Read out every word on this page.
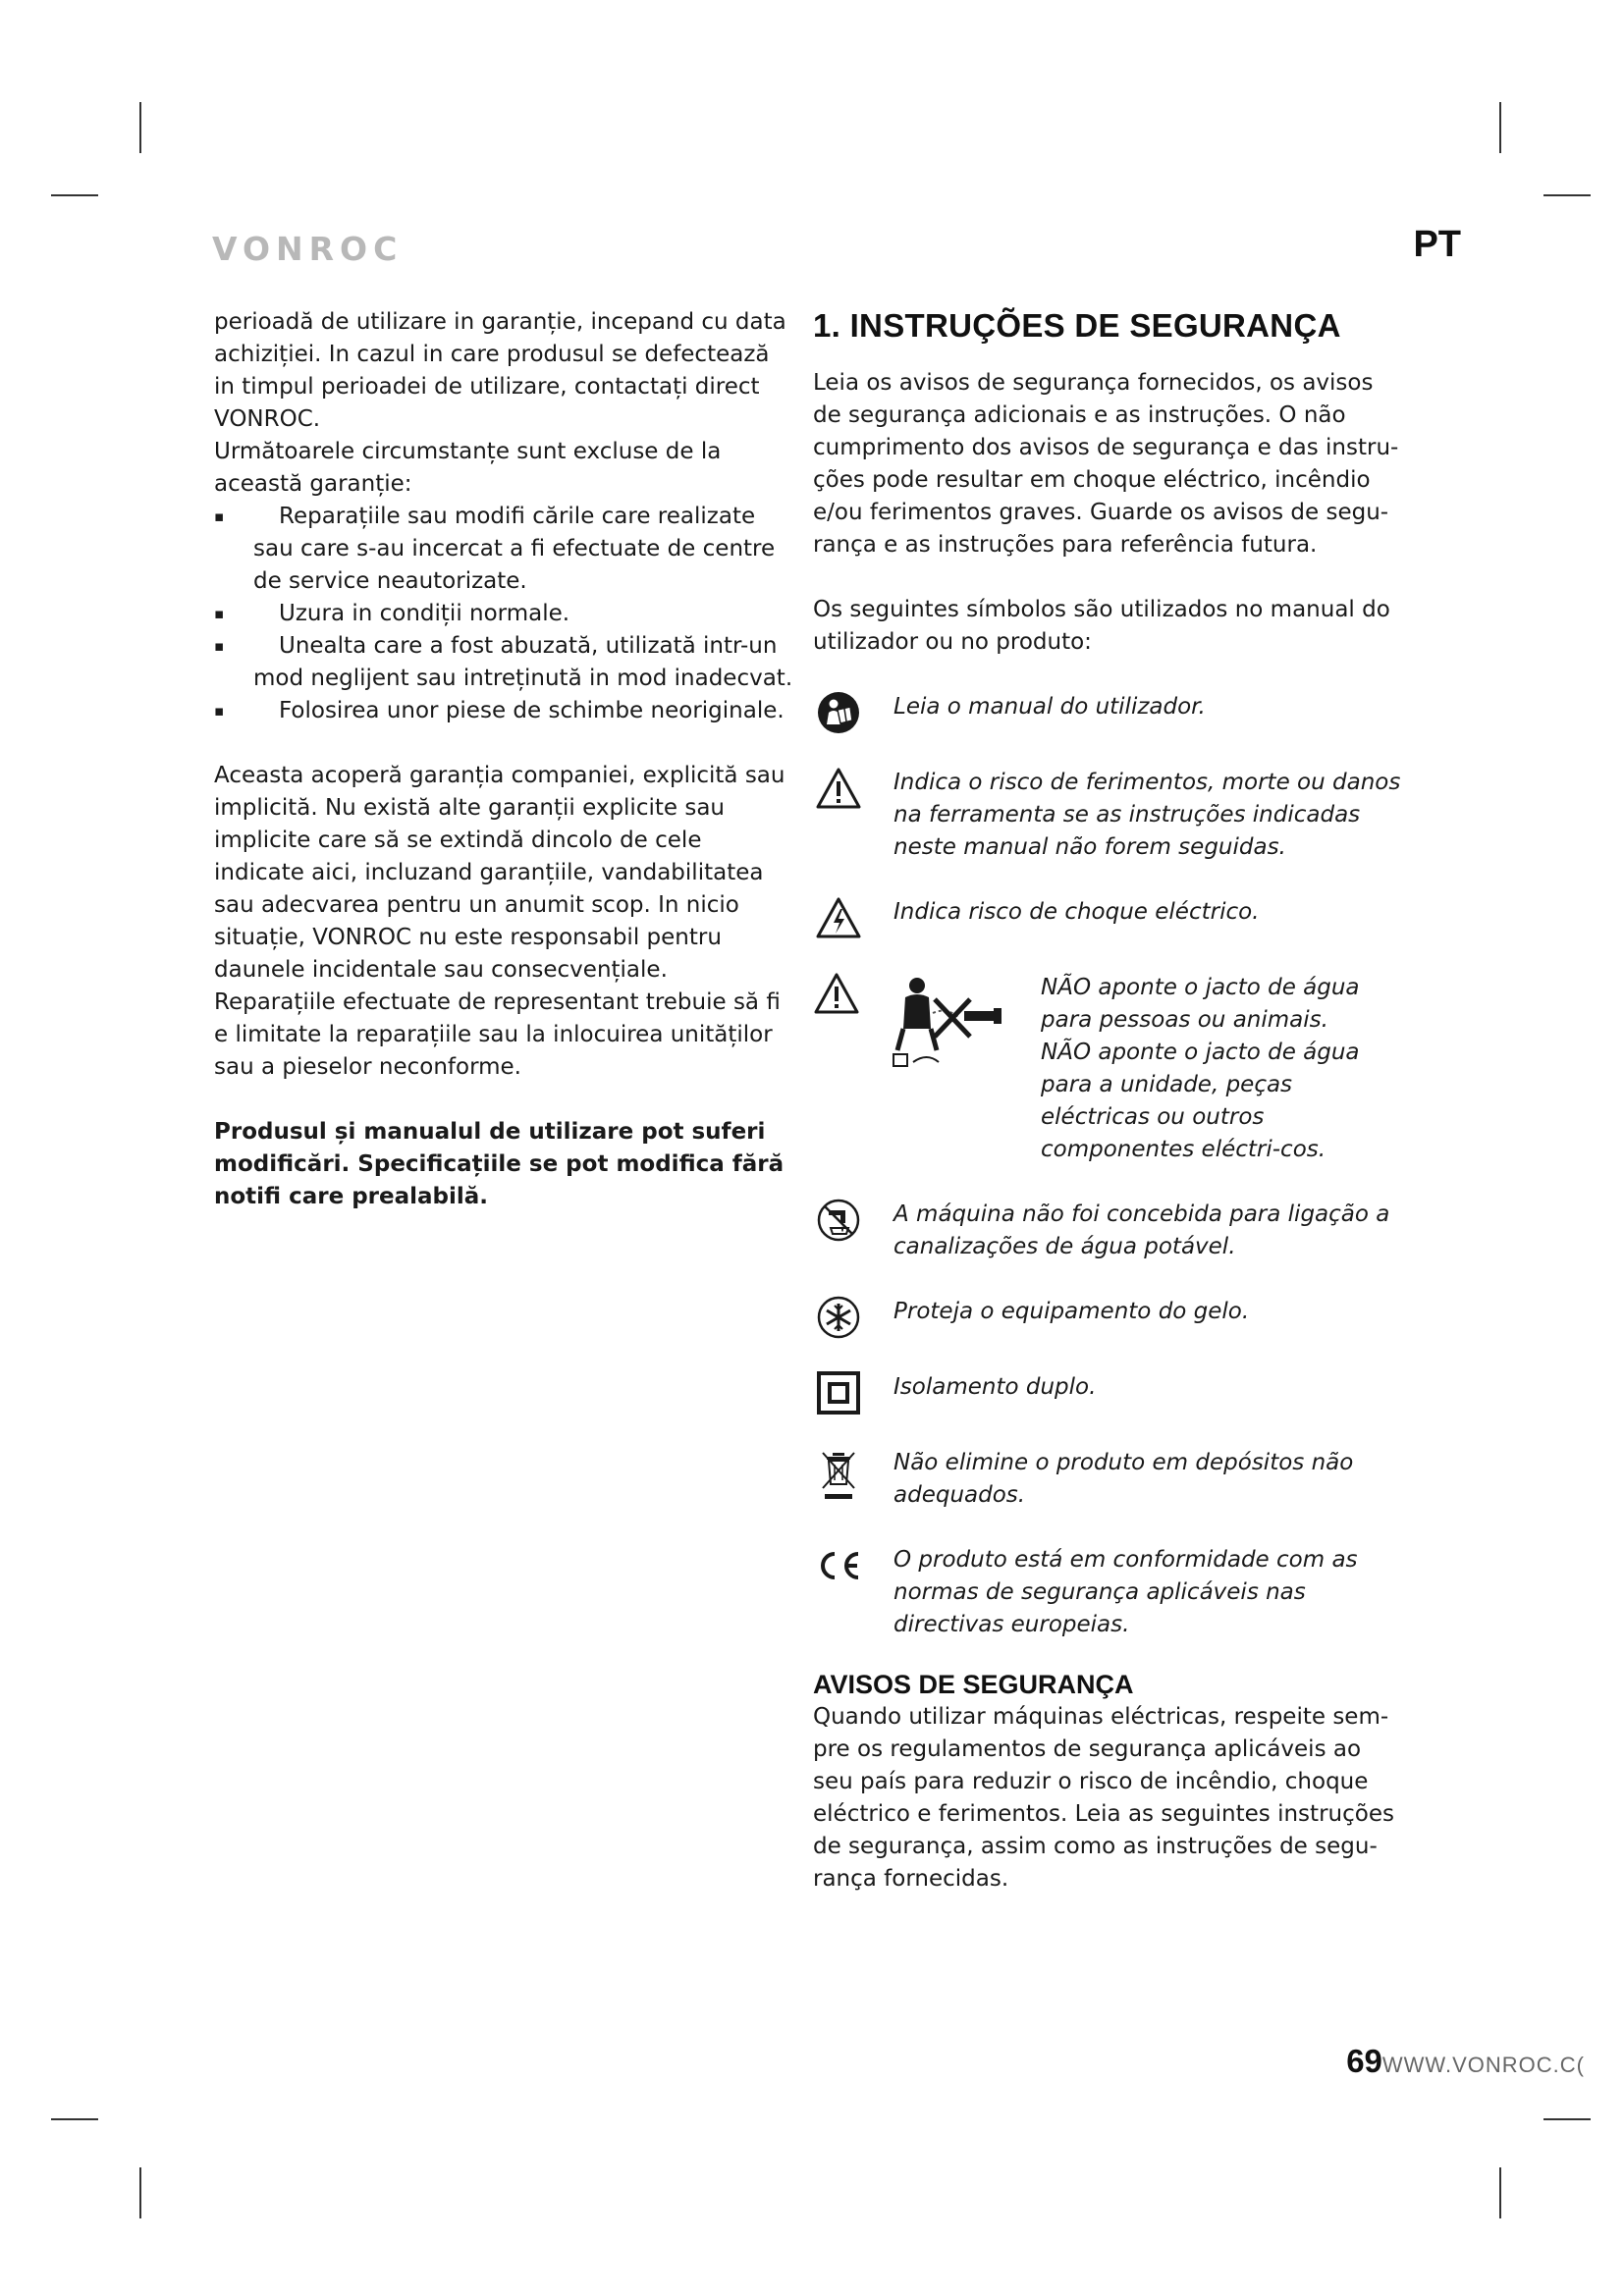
VONROC	PT

perioadă de utilizare in garanție, incepand cu data achiziției. In cazul in care produsul se defectează in timpul perioadei de utilizare, contactați direct VONROC.

Următoarele circumstanțe sunt excluse de la această garanție:

▪ Reparațiile sau modifi cările care realizate sau care s-au incercat a fi efectuate de centre de service neautorizate.
▪ Uzura in condiții normale.
▪ Unealta care a fost abuzată, utilizată intr-un mod neglijent sau intreținută in mod inadecvat.
▪ Folosirea unor piese de schimbe neoriginale.

Aceasta acoperă garanția companiei, explicită sau implicită. Nu există alte garanții explicite sau implicite care să se extindă dincolo de cele indicate aici, incluzand garanțiile, vandabilitatea sau adecvarea pentru un anumit scop. In nicio situație, VONROC nu este responsabil pentru daunele incidentale sau consecvențiale. Reparațiile efectuate de representant trebuie să fi e limitate la reparațiile sau la inlocuirea unităților sau a pieselor neconforme.

Produsul și manualul de utilizare pot suferi modificări. Specificațiile se pot modifica fără notifi care prealabilă.

1. INSTRUÇÕES DE SEGURANÇA

Leia os avisos de segurança fornecidos, os avisos de segurança adicionais e as instruções. O não cumprimento dos avisos de segurança e das instru-ções pode resultar em choque eléctrico, incêndio e/ou ferimentos graves. Guarde os avisos de segu-rança e as instruções para referência futura.

Os seguintes símbolos são utilizados no manual do utilizador ou no produto:

Leia o manual do utilizador.
Indica o risco de ferimentos, morte ou danos na ferramenta se as instruções indicadas neste manual não forem seguidas.
Indica risco de choque eléctrico.
NÃO aponte o jacto de água para pessoas ou animais. NÃO aponte o jacto de água para a unidade, peças eléctricas ou outros componentes eléctri-cos.
A máquina não foi concebida para ligação a canalizações de água potável.
Proteja o equipamento do gelo.
Isolamento duplo.
Não elimine o produto em depósitos não adequados.
O produto está em conformidade com as normas de segurança aplicáveis nas directivas europeias.
AVISOS DE SEGURANÇA

Quando utilizar máquinas eléctricas, respeite sem-pre os regulamentos de segurança aplicáveis ao seu país para reduzir o risco de incêndio, choque eléctrico e ferimentos. Leia as seguintes instruções de segurança, assim como as instruções de segu-rança fornecidas.

69WWW.VONROC.C(
